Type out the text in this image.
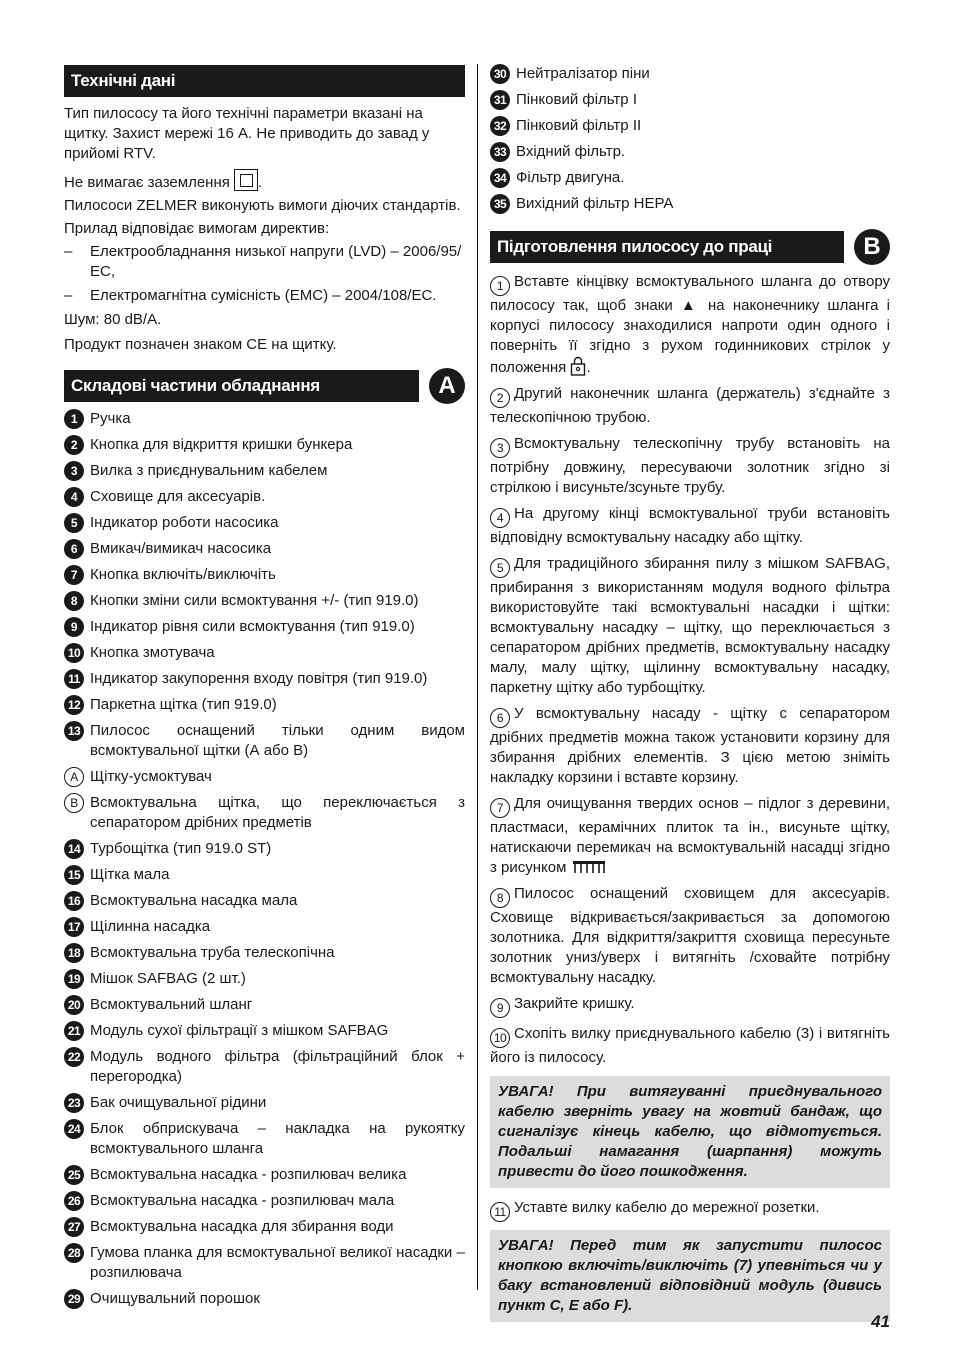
Технічні дані
Тип пилососу та його технічні параметри вказані на щитку. Захист мережі 16 А. Не приводить до завад у прийомі RTV.
Не вимагає заземлення .
Пилососи ZELMER виконують вимоги діючих стандартів.
Прилад відповідає вимогам директив:
–	Електрообладнання низької напруги (LVD) – 2006/95/ЕС,
–	Електромагнітна сумісність (EMC) – 2004/108/ЕС.
Шум: 80 dB/A.
Продукт позначен знаком СЕ на щитку.
Складові частини обладнання	A
1 Ручка
2 Кнопка для відкриття кришки бункера
3 Вилка з приєднувальним кабелем
4 Сховище для аксесуарів.
5 Індикатор роботи насосика
6 Вмикач/вимикач насосика
7 Кнопка включіть/виключіть
8 Кнопки зміни сили всмоктування +/- (тип 919.0)
9 Індикатор рівня сили всмоктування (тип 919.0)
10 Кнопка змотувача
11 Індикатор закупорення входу повітря (тип 919.0)
12 Паркетна щітка (тип 919.0)
13 Пилосос оснащений тільки одним видом всмоктувальної щітки (А або В)
A Щітку-усмоктувач
B Всмоктувальна щітка, що переключається з сепаратором дрібних предметів
14 Турбощітка (тип 919.0 ST)
15 Щітка мала
16 Всмоктувальна насадка мала
17 Щілинна насадка
18 Всмоктувальна труба телескопічна
19 Мішок SAFBAG (2 шт.)
20 Всмоктувальний шланг
21 Модуль сухої фільтрації з мішком SAFBAG
22 Модуль водного фільтра (фільтраційний блок + перегородка)
23 Бак очищувальної рідини
24 Блок обприскувача – накладка на рукоятку всмоктувального шланга
25 Всмоктувальна насадка - розпилювач велика
26 Всмоктувальна насадка - розпилювач мала
27 Всмоктувальна насадка для збирання води
28 Гумова планка для всмоктувальної великої насадки – розпилювача
29 Очищувальний порошок
30 Нейтралізатор піни
31 Пінковий фільтр I
32 Пінковий фільтр II
33 Вхідний фільтр.
34 Фільтр двигуна.
35 Вихідний фільтр HEPA
Підготовлення пилососу до праці	B
1 Вставте кінцівку всмоктувального шланга до отвору пилососу так, щоб знаки ▲ на наконечнику шланга і корпусі пилососу знаходилися напроти один одного і поверніть її згідно з рухом годинникових стрілок у положення .
2 Другий наконечник шланга (держатель) з'єднайте з телескопічною трубою.
3 Всмоктувальну телескопічну трубу встановіть на потрібну довжину, пересуваючи золотник згідно зі стрілкою і висуньте/зсуньте трубу.
4 На другому кінці всмоктувальної труби встановіть відповідну всмоктувальну насадку або щітку.
5 Для традиційного збирання пилу з мішком SAFBAG, прибирання з використанням модуля водного фільтра використовуйте такі всмоктувальні насадки і щітки: всмоктувальну насадку – щітку, що переключається з сепаратором дрібних предметів, всмоктувальну насадку малу, малу щітку, щілинну всмоктувальну насадку, паркетну щітку або турбощітку.
6 У всмоктувальну насаду - щітку с сепаратором дрібних предметів можна також установити корзину для збирання дрібних елементів. З цією метою зніміть накладку корзини і вставте корзину.
7 Для очищування твердих основ – підлог з деревини, пластмаси, керамічних плиток та ін., висуньте щітку, натискаючи перемикач на всмоктувальній насадці згідно з рисунком
8 Пилосос оснащений сховищем для аксесуарів. Сховище відкривається/закривається за допомогою золотника. Для відкриття/закриття сховища пересуньте золотник униз/уверх і витягніть /сховайте потрібну всмоктувальну насадку.
9 Закрийте кришку.
10 Схопіть вилку приєднувального кабелю (3) і витягніть його із пилососу.
УВАГА! При витягуванні приєднувального кабелю зверніть увагу на жовтий бандаж, що сигналізує кінець кабелю, що відмотується. Подальші намагання (шарпання) можуть привести до його пошкодження.
11 Уставте вилку кабелю до мережної розетки.
УВАГА! Перед тим як запустити пилосос кнопкою включіть/виключіть (7) упевніться чи у баку встановлений відповідний модуль (дивись пункт C, E або F).
41
